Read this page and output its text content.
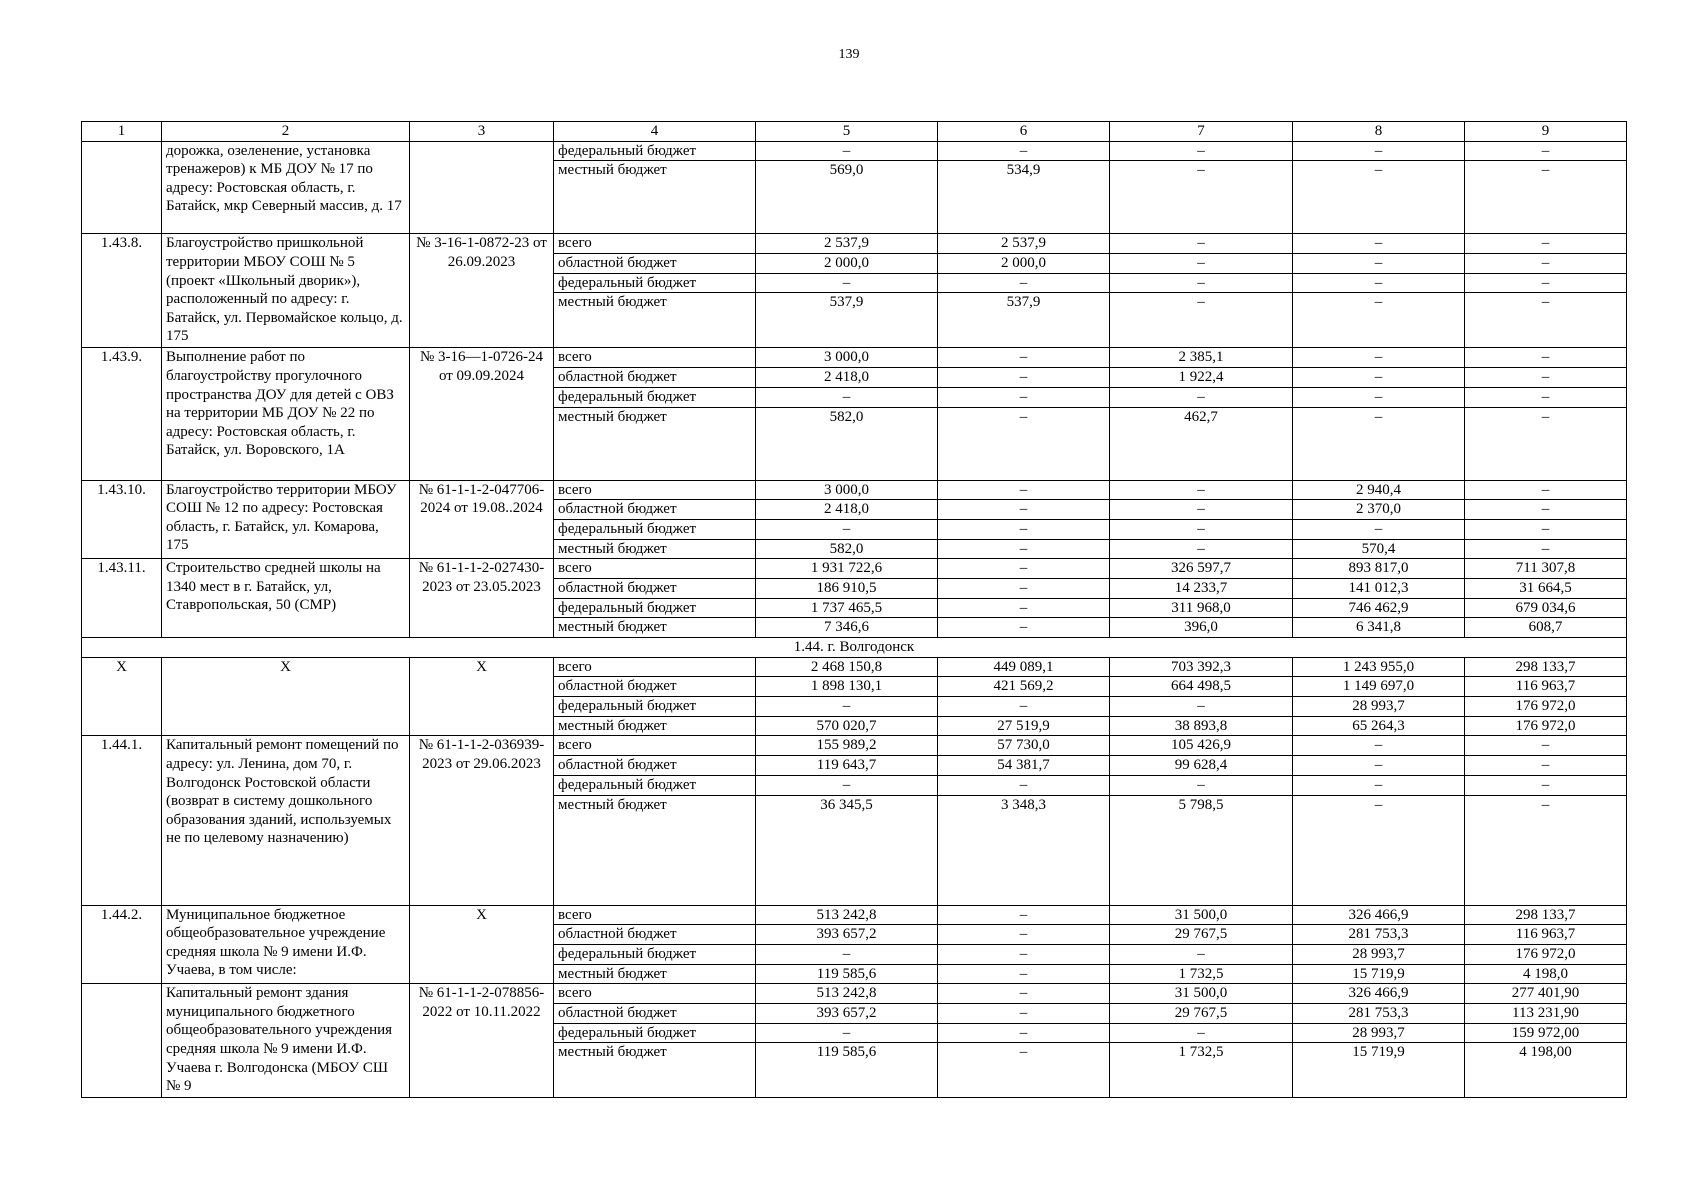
139
1	2	3	4	5	6	7	8	9
	дорожка, озеленение, установка тренажеров) к МБ ДОУ № 17 по адресу: Ростовская область, г. Батайск, мкр Северный массив, д. 17		федеральный бюджет	–	–	–	–	–
			местный бюджет	569,0	534,9	–	–	–
1.43.8.	Благоустройство пришкольной территории МБОУ СОШ № 5 (проект «Школьный дворик»), расположенный по адресу: г. Батайск, ул. Первомайское кольцо, д. 175	№ 3-16-1-0872-23 от 26.09.2023	всего	2 537,9	2 537,9	–	–	–
			областной бюджет	2 000,0	2 000,0	–	–	–
			федеральный бюджет	–	–	–	–	–
			местный бюджет	537,9	537,9	–	–	–
1.43.9.	Выполнение работ по благоустройству прогулочного пространства ДОУ для детей с ОВЗ на территории МБ ДОУ № 22 по адресу: Ростовская область, г. Батайск, ул. Воровского, 1А	№ 3-16—1-0726-24 от 09.09.2024	всего	3 000,0	–	2 385,1	–	–
			областной бюджет	2 418,0	–	1 922,4	–	–
			федеральный бюджет	–	–	–	–	–
			местный бюджет	582,0	–	462,7	–	–
1.43.10.	Благоустройство территории МБОУ СОШ № 12 по адресу: Ростовская область, г. Батайск, ул. Комарова, 175	№ 61-1-1-2-047706-2024 от 19.08..2024	всего	3 000,0	–	–	2 940,4	–
			областной бюджет	2 418,0	–	–	2 370,0	–
			федеральный бюджет	–	–	–	–	–
			местный бюджет	582,0	–	–	570,4	–
1.43.11.	Строительство средней школы на 1340 мест в г. Батайск, ул, Ставропольская, 50 (СМР)	№ 61-1-1-2-027430-2023 от 23.05.2023	всего	1 931 722,6	–	326 597,7	893 817,0	711 307,8
			областной бюджет	186 910,5	–	14 233,7	141 012,3	31 664,5
			федеральный бюджет	1 737 465,5	–	311 968,0	746 462,9	679 034,6
			местный бюджет	7 346,6	–	396,0	6 341,8	608,7
1.44. г. Волгодонск								
Х	Х	Х	всего	2 468 150,8	449 089,1	703 392,3	1 243 955,0	298 133,7
			областной бюджет	1 898 130,1	421 569,2	664 498,5	1 149 697,0	116 963,7
			федеральный бюджет	–	–	–	28 993,7	176 972,0
			местный бюджет	570 020,7	27 519,9	38 893,8	65 264,3	176 972,0
1.44.1.	Капитальный ремонт помещений по адресу: ул. Ленина, дом 70, г. Волгодонск Ростовской области (возврат в систему дошкольного образования зданий, используемых не по целевому назначению)	№ 61-1-1-2-036939-2023 от 29.06.2023	всего	155 989,2	57 730,0	105 426,9	–	–
			областной бюджет	119 643,7	54 381,7	99 628,4	–	–
			федеральный бюджет	–	–	–	–	–
			местный бюджет	36 345,5	3 348,3	5 798,5	–	–
1.44.2.	Муниципальное бюджетное общеобразовательное учреждение средняя школа № 9 имени И.Ф. Учаева, в том числе:	Х	всего	513 242,8	–	31 500,0	326 466,9	298 133,7
			областной бюджет	393 657,2	–	29 767,5	281 753,3	116 963,7
			федеральный бюджет	–	–	–	28 993,7	176 972,0
			местный бюджет	119 585,6	–	1 732,5	15 719,9	4 198,0
	Капитальный ремонт здания муниципального бюджетного общеобразовательного учреждения средняя школа № 9 имени И.Ф. Учаева г. Волгодонска (МБОУ СШ № 9	№ 61-1-1-2-078856-2022 от 10.11.2022	всего	513 242,8	–	31 500,0	326 466,9	277 401,90
			областной бюджет	393 657,2	–	29 767,5	281 753,3	113 231,90
			федеральный бюджет	–	–	–	28 993,7	159 972,00
			местный бюджет	119 585,6	–	1 732,5	15 719,9	4 198,00
